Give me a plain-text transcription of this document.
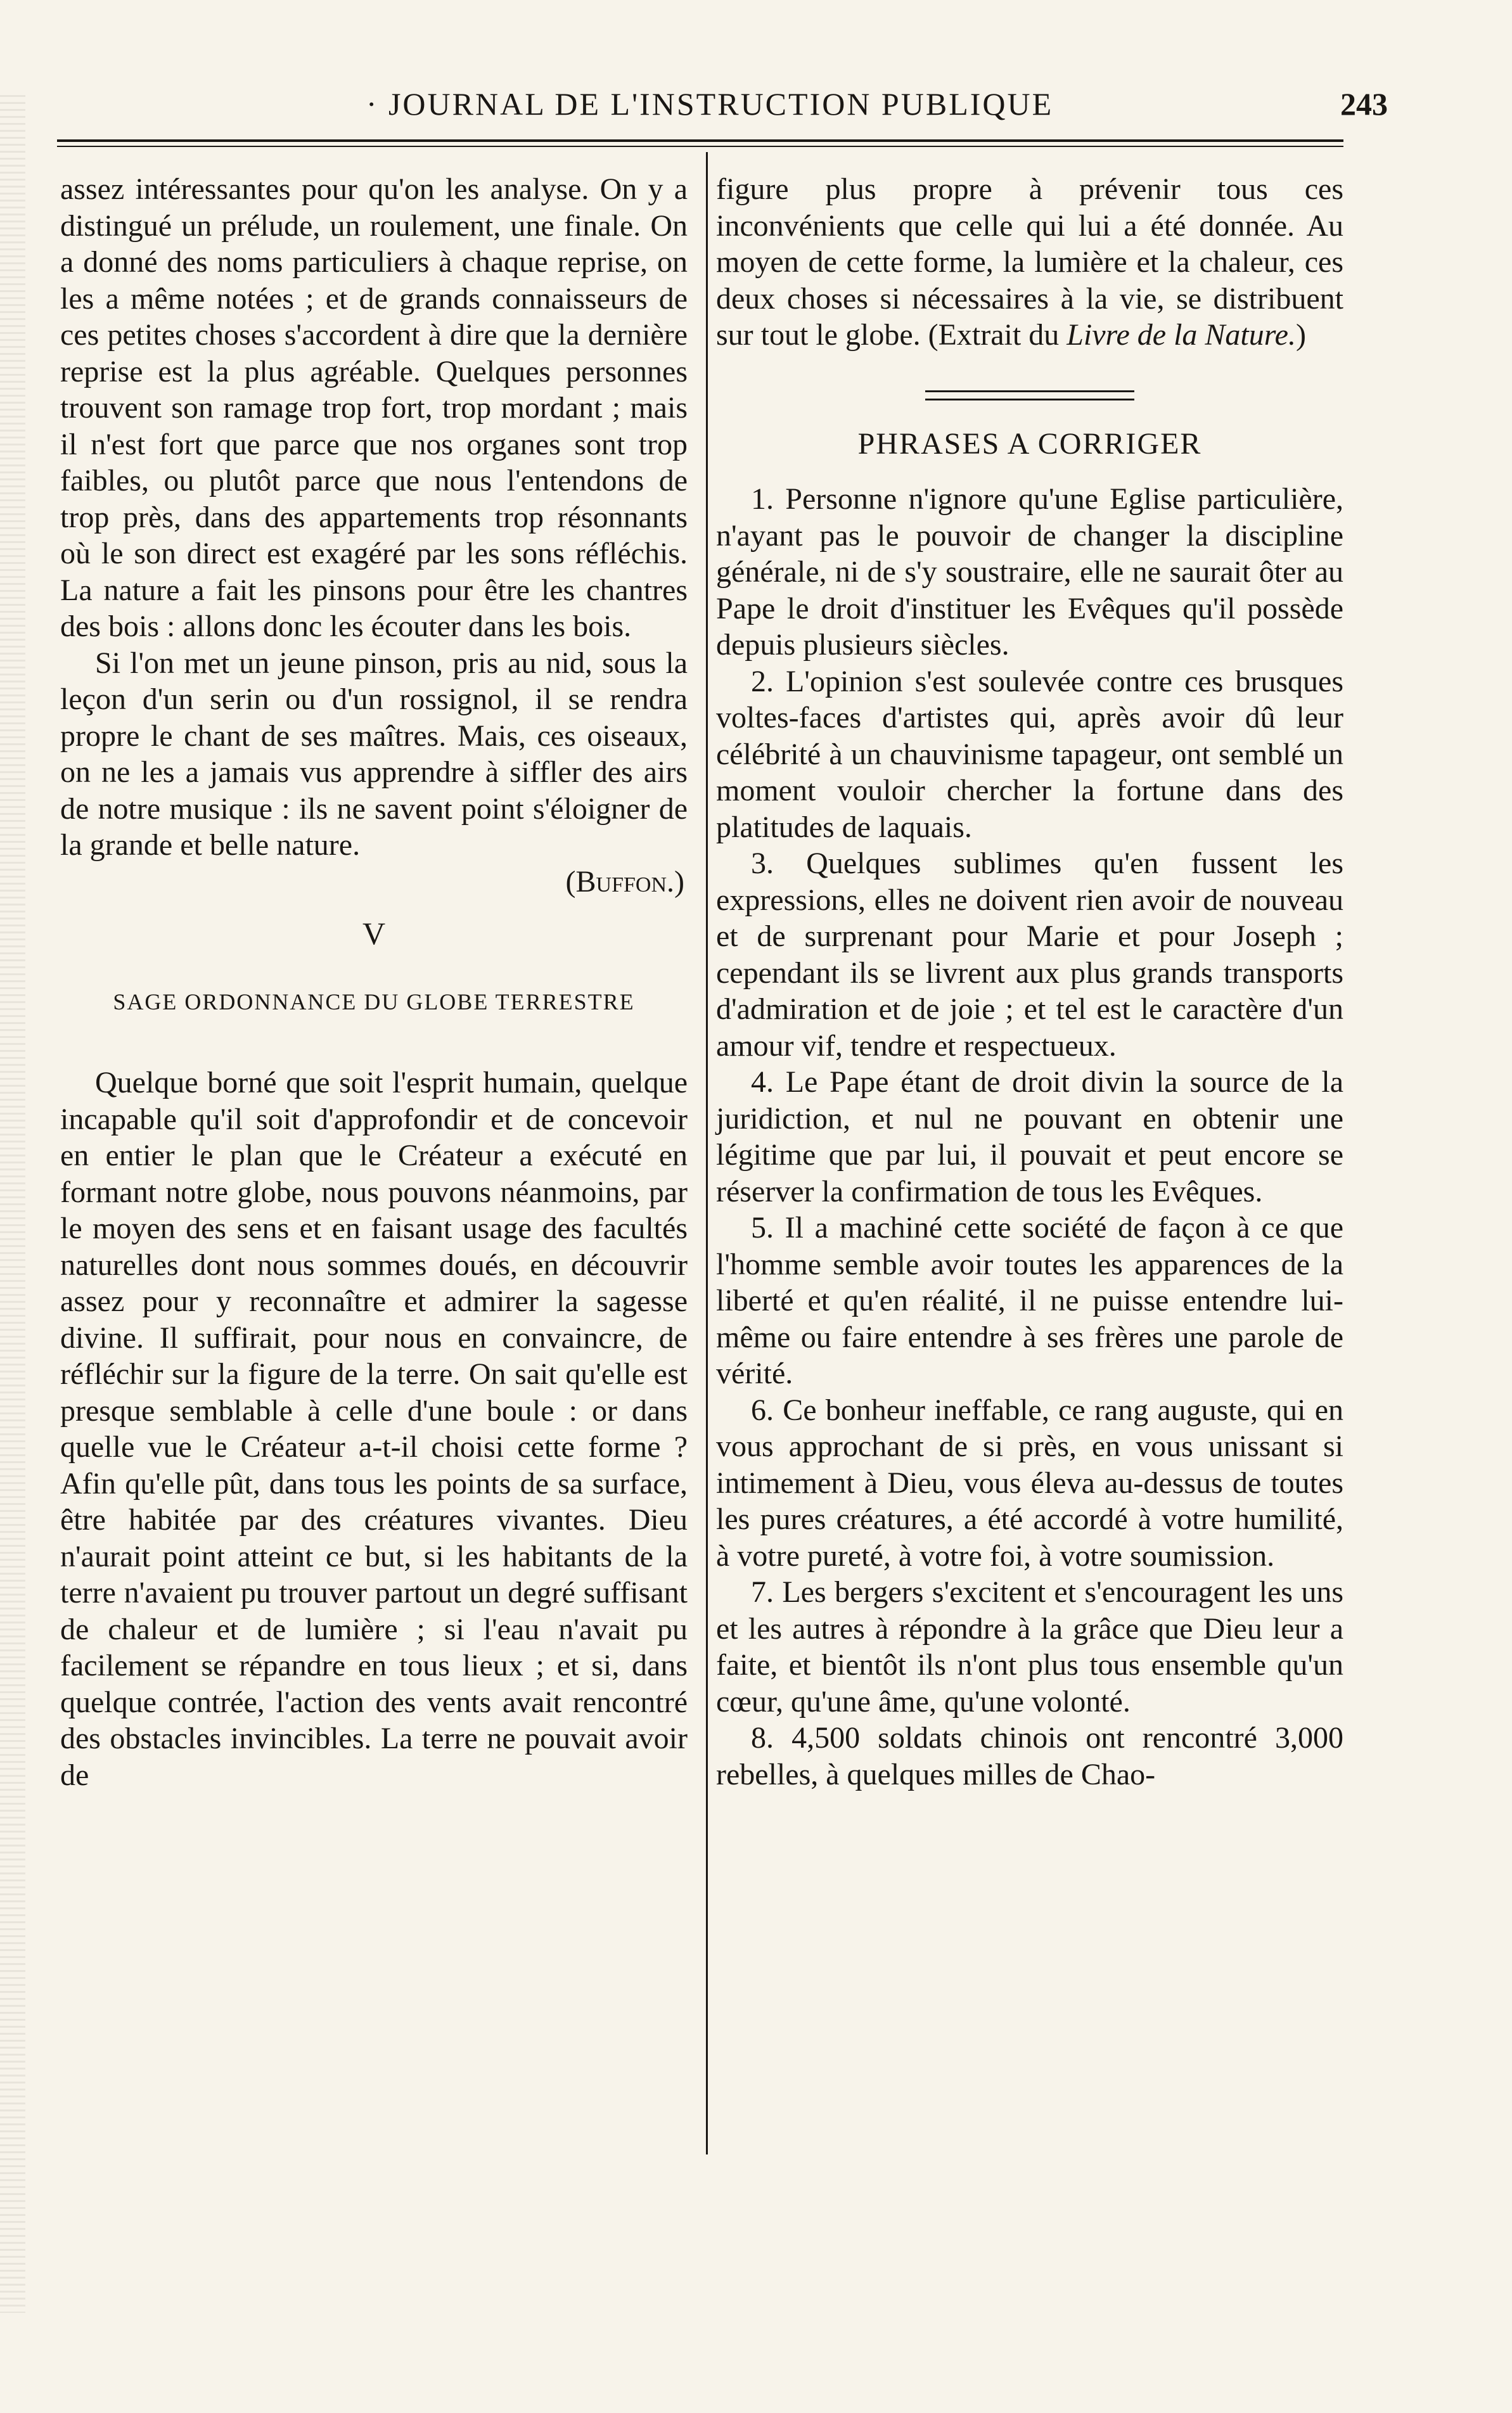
· JOURNAL DE L'INSTRUCTION PUBLIQUE	243

assez intéressantes pour qu'on les analyse. On y a distingué un prélude, un roulement, une finale. On a donné des noms particuliers à chaque reprise, on les a même notées ; et de grands connaisseurs de ces petites choses s'accordent à dire que la dernière reprise est la plus agréable. Quelques personnes trouvent son ramage trop fort, trop mordant ; mais il n'est fort que parce que nos organes sont trop faibles, ou plutôt parce que nous l'entendons de trop près, dans des appartements trop résonnants où le son direct est exagéré par les sons réfléchis. La nature a fait les pinsons pour être les chantres des bois : allons donc les écouter dans les bois.

Si l'on met un jeune pinson, pris au nid, sous la leçon d'un serin ou d'un rossignol, il se rendra propre le chant de ses maîtres. Mais, ces oiseaux, on ne les a jamais vus apprendre à siffler des airs de notre musique : ils ne savent point s'éloigner de la grande et belle nature.

(Buffon.)

V
SAGE ORDONNANCE DU GLOBE TERRESTRE

Quelque borné que soit l'esprit humain, quelque incapable qu'il soit d'approfondir et de concevoir en entier le plan que le Créateur a exécuté en formant notre globe, nous pouvons néanmoins, par le moyen des sens et en faisant usage des facultés naturelles dont nous sommes doués, en découvrir assez pour y reconnaître et admirer la sagesse divine. Il suffirait, pour nous en convaincre, de réfléchir sur la figure de la terre. On sait qu'elle est presque semblable à celle d'une boule : or dans quelle vue le Créateur a-t-il choisi cette forme ? Afin qu'elle pût, dans tous les points de sa surface, être habitée par des créatures vivantes. Dieu n'aurait point atteint ce but, si les habitants de la terre n'avaient pu trouver partout un degré suffisant de chaleur et de lumière ; si l'eau n'avait pu facilement se répandre en tous lieux ; et si, dans quelque contrée, l'action des vents avait rencontré des obstacles invincibles. La terre ne pouvait avoir de

figure plus propre à prévenir tous ces inconvénients que celle qui lui a été donnée. Au moyen de cette forme, la lumière et la chaleur, ces deux choses si nécessaires à la vie, se distribuent sur tout le globe. (Extrait du Livre de la Nature.)

PHRASES A CORRIGER

1. Personne n'ignore qu'une Eglise particulière, n'ayant pas le pouvoir de changer la discipline générale, ni de s'y soustraire, elle ne saurait ôter au Pape le droit d'instituer les Evêques qu'il possède depuis plusieurs siècles.

2. L'opinion s'est soulevée contre ces brusques voltes-faces d'artistes qui, après avoir dû leur célébrité à un chauvinisme tapageur, ont semblé un moment vouloir chercher la fortune dans des platitudes de laquais.

3. Quelques sublimes qu'en fussent les expressions, elles ne doivent rien avoir de nouveau et de surprenant pour Marie et pour Joseph ; cependant ils se livrent aux plus grands transports d'admiration et de joie ; et tel est le caractère d'un amour vif, tendre et respectueux.

4. Le Pape étant de droit divin la source de la juridiction, et nul ne pouvant en obtenir une légitime que par lui, il pouvait et peut encore se réserver la confirmation de tous les Evêques.

5. Il a machiné cette société de façon à ce que l'homme semble avoir toutes les apparences de la liberté et qu'en réalité, il ne puisse entendre lui-même ou faire entendre à ses frères une parole de vérité.

6. Ce bonheur ineffable, ce rang auguste, qui en vous approchant de si près, en vous unissant si intimement à Dieu, vous éleva au-dessus de toutes les pures créatures, a été accordé à votre humilité, à votre pureté, à votre foi, à votre soumission.

7. Les bergers s'excitent et s'encouragent les uns et les autres à répondre à la grâce que Dieu leur a faite, et bientôt ils n'ont plus tous ensemble qu'un cœur, qu'une âme, qu'une volonté.

8. 4,500 soldats chinois ont rencontré 3,000 rebelles, à quelques milles de Chao-
